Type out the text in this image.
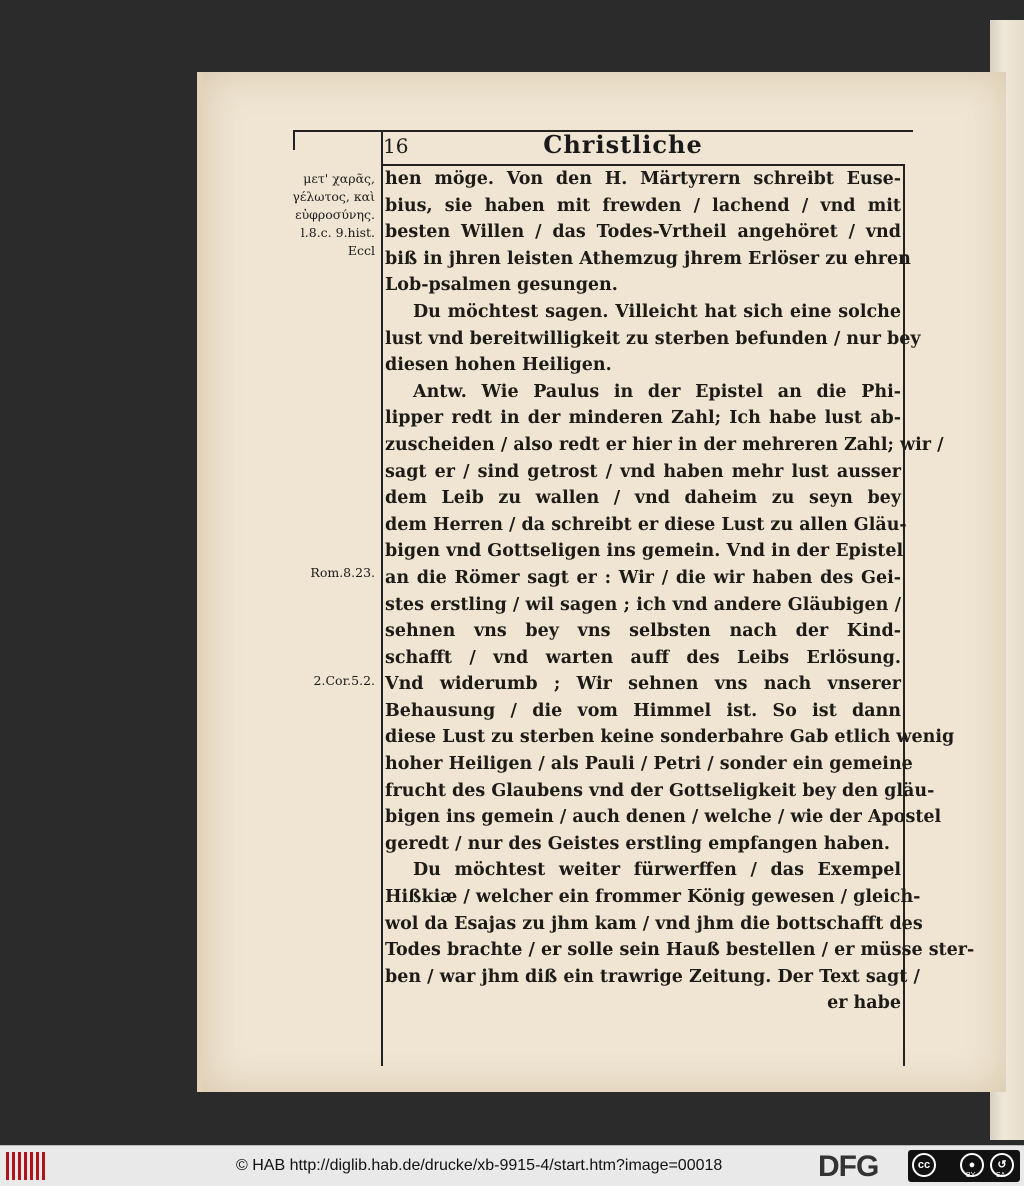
16	Christliche
μετ' χαρᾶς, γέλωτος, καὶ εὐφροσύνης. l.8.c. 9.hist. Eccl
Rom.8.23.
2.Cor.5.2.
hen möge. Von den H. Märtyrern schreibt Euse-
bius, sie haben mit frewden / lachend / vnd mit
besten Willen / das Todes-Vrtheil angehöret / vnd
biß in jhren leisten Athemzug jhrem Erlöser zu ehren
Lob-psalmen gesungen.
Du möchtest sagen. Villeicht hat sich eine solche
lust vnd bereitwilligkeit zu sterben befunden / nur bey
diesen hohen Heiligen.
Antw. Wie Paulus in der Epistel an die Phi-
lipper redt in der minderen Zahl; Ich habe lust ab-
zuscheiden / also redt er hier in der mehreren Zahl; wir /
sagt er / sind getrost / vnd haben mehr lust ausser
dem Leib zu wallen / vnd daheim zu seyn bey
dem Herren / da schreibt er diese Lust zu allen Gläu-
bigen vnd Gottseligen ins gemein. Vnd in der Epistel
an die Römer sagt er : Wir / die wir haben des Gei-
stes erstling / wil sagen ; ich vnd andere Gläubigen /
sehnen vns bey vns selbsten nach der Kind-
schafft / vnd warten auff des Leibs Erlösung.
Vnd widerumb ; Wir sehnen vns nach vnserer
Behausung / die vom Himmel ist. So ist dann
diese Lust zu sterben keine sonderbahre Gab etlich wenig
hoher Heiligen / als Pauli / Petri / sonder ein gemeine
frucht des Glaubens vnd der Gottseligkeit bey den gläu-
bigen ins gemein / auch denen / welche / wie der Apostel
geredt / nur des Geistes erstling empfangen haben.
Du möchtest weiter fürwerffen / das Exempel
Hißkiæ / welcher ein frommer König gewesen / gleich-
wol da Esajas zu jhm kam / vnd jhm die bottschafft des
Todes brachte / er solle sein Hauß bestellen / er müsse ster-
ben / war jhm diß ein trawrige Zeitung. Der Text sagt /
er habe
© HAB http://diglib.hab.de/drucke/xb-9915-4/start.htm?image=00018	DFG	cc	●	↺
BY	SA
